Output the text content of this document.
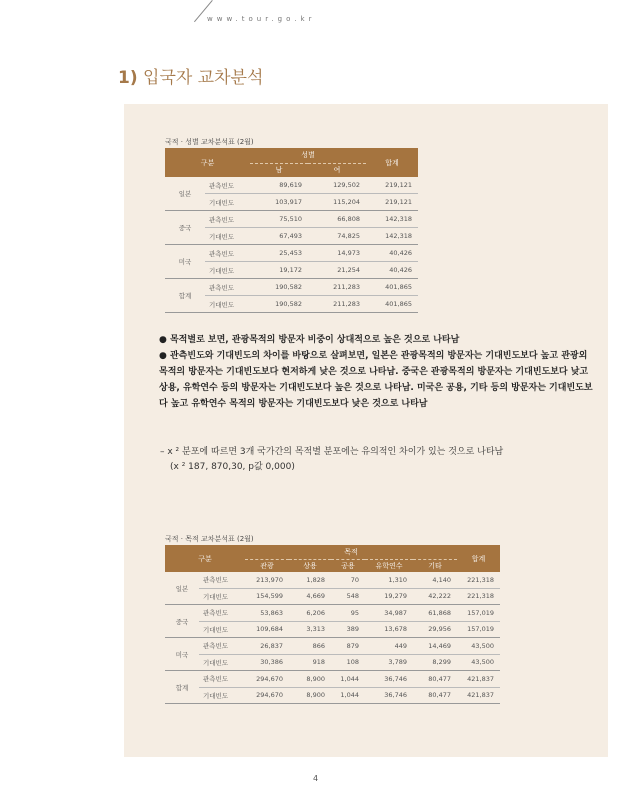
www.tour.go.kr
1) 입국자 교차분석
국적 · 성별 교차분석표 (2월)
구분		성별		합계
		남	여	
일본	관측빈도	89,619	129,502	219,121
	기대빈도	103,917	115,204	219,121
중국	관측빈도	75,510	66,808	142,318
	기대빈도	67,493	74,825	142,318
미국	관측빈도	25,453	14,973	40,426
	기대빈도	19,172	21,254	40,426
합계	관측빈도	190,582	211,283	401,865
	기대빈도	190,582	211,283	401,865
● 목적별로 보면, 관광목적의 방문자 비중이 상대적으로 높은 것으로 나타남
● 관측빈도와 기대빈도의 차이를 바탕으로 살펴보면, 일본은 관광목적의 방문자는 기대빈도보다 높고 관광외 목적의 방문자는 기대빈도보다 현저하게 낮은 것으로 나타남. 중국은 관광목적의 방문자는 기대빈도보다 낮고 상용, 유학연수 등의 방문자는 기대빈도보다 높은 것으로 나타남. 미국은 공용, 기타 등의 방문자는 기대빈도보다 높고 유학연수 목적의 방문자는 기대빈도보다 낮은 것으로 나타남
– x ² 분포에 따르면 3개 국가간의 목적별 분포에는 유의적인 차이가 있는 것으로 나타남
(x ² 187, 870,30, p값 0,000)
국적 · 목적 교차분석표 (2월)
구분		목적					합계
		관광	상용	공용	유학연수	기타	
일본	관측빈도	213,970	1,828	70	1,310	4,140	221,318
	기대빈도	154,599	4,669	548	19,279	42,222	221,318
중국	관측빈도	53,863	6,206	95	34,987	61,868	157,019
	기대빈도	109,684	3,313	389	13,678	29,956	157,019
미국	관측빈도	26,837	866	879	449	14,469	43,500
	기대빈도	30,386	918	108	3,789	8,299	43,500
합계	관측빈도	294,670	8,900	1,044	36,746	80,477	421,837
	기대빈도	294,670	8,900	1,044	36,746	80,477	421,837
4
